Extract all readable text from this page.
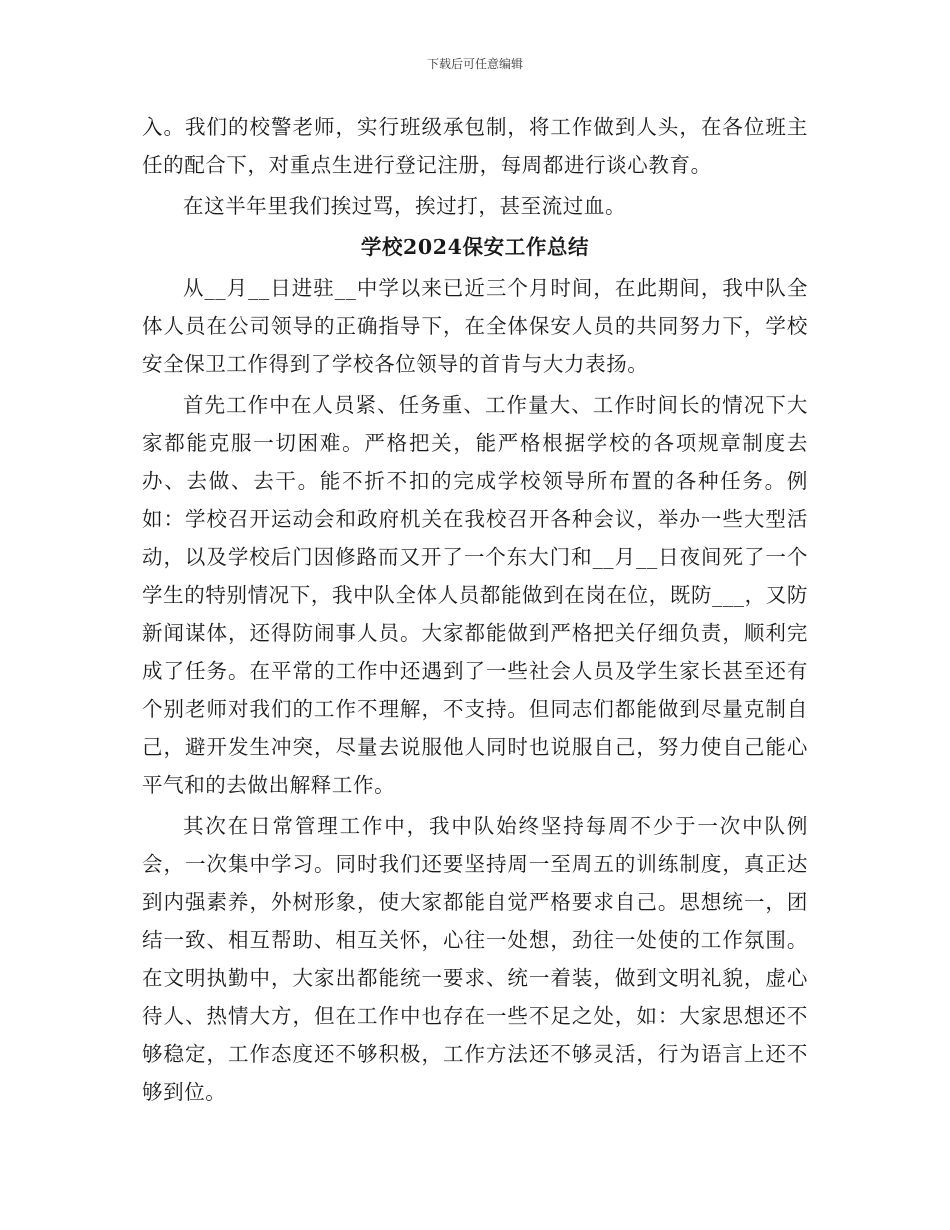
下载后可任意编辑

入。我们的校警老师，实行班级承包制，将工作做到人头，在各位班主任的配合下，对重点生进行登记注册，每周都进行谈心教育。

在这半年里我们挨过骂，挨过打，甚至流过血。

学校2024保安工作总结

从__月__日进驻__中学以来已近三个月时间，在此期间，我中队全体人员在公司领导的正确指导下，在全体保安人员的共同努力下，学校安全保卫工作得到了学校各位领导的首肯与大力表扬。

首先工作中在人员紧、任务重、工作量大、工作时间长的情况下大家都能克服一切困难。严格把关，能严格根据学校的各项规章制度去办、去做、去干。能不折不扣的完成学校领导所布置的各种任务。例如：学校召开运动会和政府机关在我校召开各种会议，举办一些大型活动，以及学校后门因修路而又开了一个东大门和__月__日夜间死了一个学生的特别情况下，我中队全体人员都能做到在岗在位，既防___，又防新闻谋体，还得防闹事人员。大家都能做到严格把关仔细负责，顺利完成了任务。在平常的工作中还遇到了一些社会人员及学生家长甚至还有个别老师对我们的工作不理解，不支持。但同志们都能做到尽量克制自己，避开发生冲突，尽量去说服他人同时也说服自己，努力使自己能心平气和的去做出解释工作。

其次在日常管理工作中，我中队始终坚持每周不少于一次中队例会，一次集中学习。同时我们还要坚持周一至周五的训练制度，真正达到内强素养，外树形象，使大家都能自觉严格要求自己。思想统一，团结一致、相互帮助、相互关怀，心往一处想，劲往一处使的工作氛围。在文明执勤中，大家出都能统一要求、统一着装，做到文明礼貌，虚心待人、热情大方，但在工作中也存在一些不足之处，如：大家思想还不够稳定，工作态度还不够积极，工作方法还不够灵活，行为语言上还不够到位。
